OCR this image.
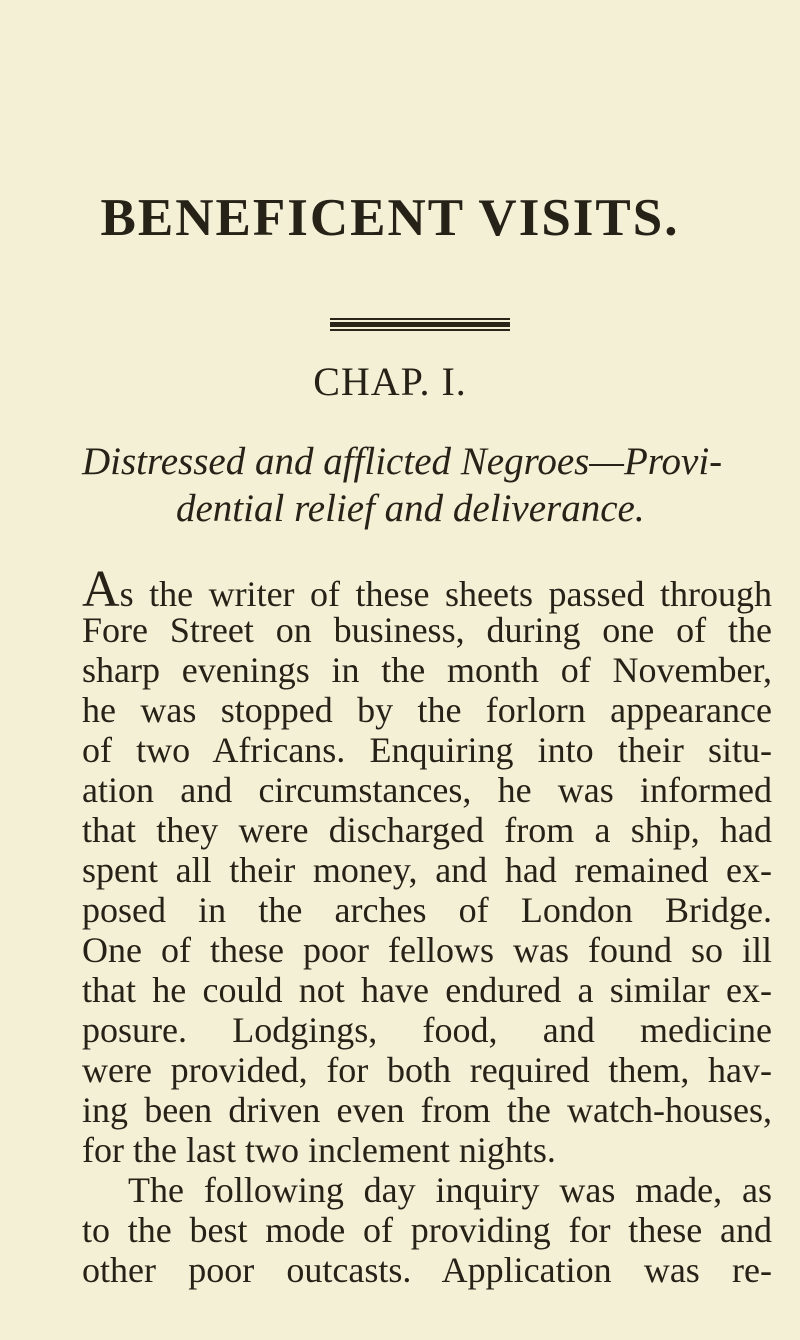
BENEFICENT VISITS.
CHAP. I.
Distressed and afflicted Negroes—Provi-
dential relief and deliverance.
As the writer of these sheets passed through
Fore Street on business, during one of the
sharp evenings in the month of November,
he was stopped by the forlorn appearance
of two Africans. Enquiring into their situ-
ation and circumstances, he was informed
that they were discharged from a ship, had
spent all their money, and had remained ex-
posed in the arches of London Bridge.
One of these poor fellows was found so ill
that he could not have endured a similar ex-
posure. Lodgings, food, and medicine
were provided, for both required them, hav-
ing been driven even from the watch-houses,
for the last two inclement nights.
The following day inquiry was made, as
to the best mode of providing for these and
other poor outcasts. Application was re-
